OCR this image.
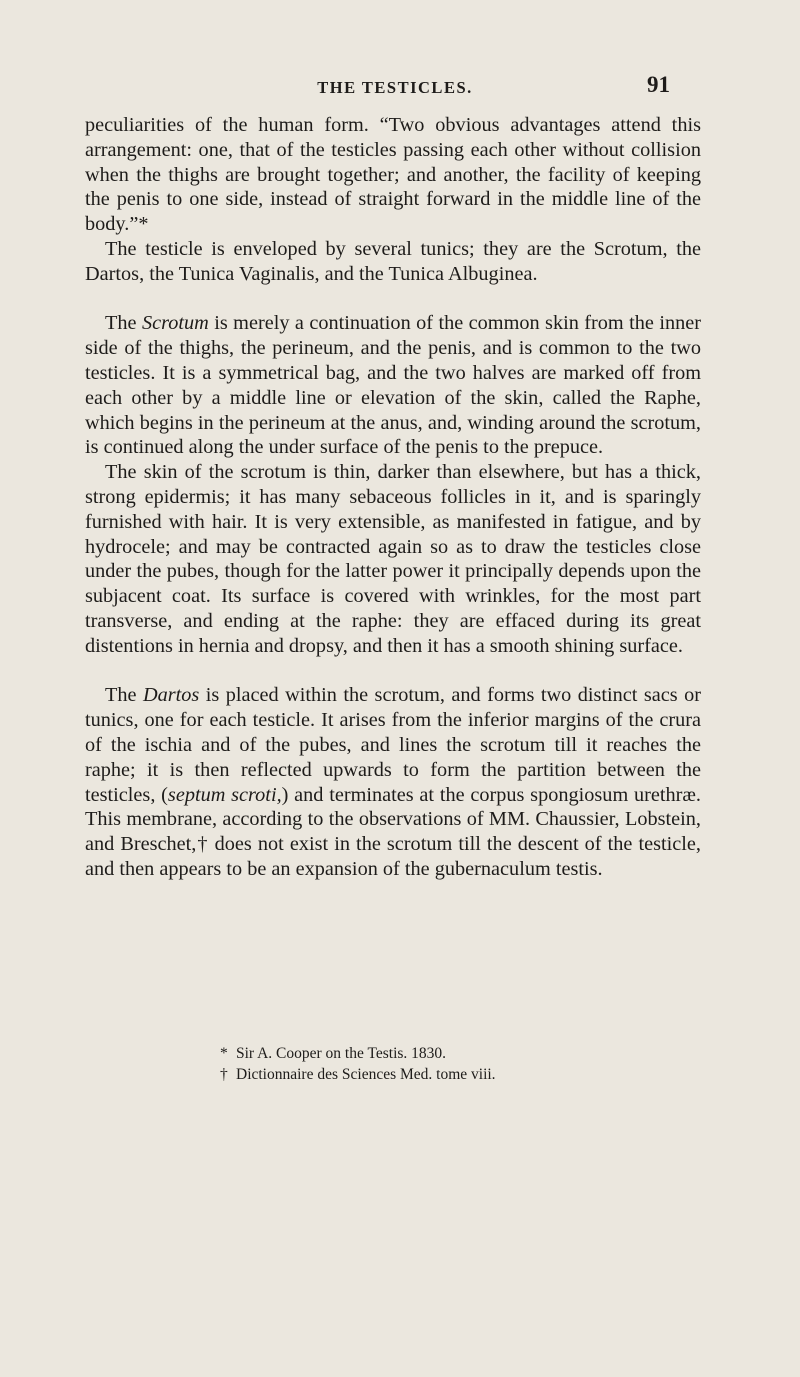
THE TESTICLES.	91

peculiarities of the human form. “Two obvious advantages attend this arrangement: one, that of the testicles passing each other without collision when the thighs are brought together; and another, the facility of keeping the penis to one side, instead of straight forward in the middle line of the body.”*

The testicle is enveloped by several tunics; they are the Scrotum, the Dartos, the Tunica Vaginalis, and the Tunica Albuginea.

The Scrotum is merely a continuation of the common skin from the inner side of the thighs, the perineum, and the penis, and is common to the two testicles. It is a symmetrical bag, and the two halves are marked off from each other by a middle line or elevation of the skin, called the Raphe, which begins in the perineum at the anus, and, winding around the scrotum, is continued along the under surface of the penis to the prepuce.

The skin of the scrotum is thin, darker than elsewhere, but has a thick, strong epidermis; it has many sebaceous follicles in it, and is sparingly furnished with hair. It is very extensible, as manifested in fatigue, and by hydrocele; and may be contracted again so as to draw the testicles close under the pubes, though for the latter power it principally depends upon the subjacent coat. Its surface is covered with wrinkles, for the most part transverse, and ending at the raphe: they are effaced during its great distentions in hernia and dropsy, and then it has a smooth shining surface.

The Dartos is placed within the scrotum, and forms two distinct sacs or tunics, one for each testicle. It arises from the inferior margins of the crura of the ischia and of the pubes, and lines the scrotum till it reaches the raphe; it is then reflected upwards to form the partition between the testicles, (septum scroti,) and terminates at the corpus spongiosum urethræ. This membrane, according to the observations of MM. Chaussier, Lobstein, and Breschet,† does not exist in the scrotum till the descent of the testicle, and then appears to be an expansion of the gubernaculum testis.

* Sir A. Cooper on the Testis. 1830.

† Dictionnaire des Sciences Med. tome viii.
